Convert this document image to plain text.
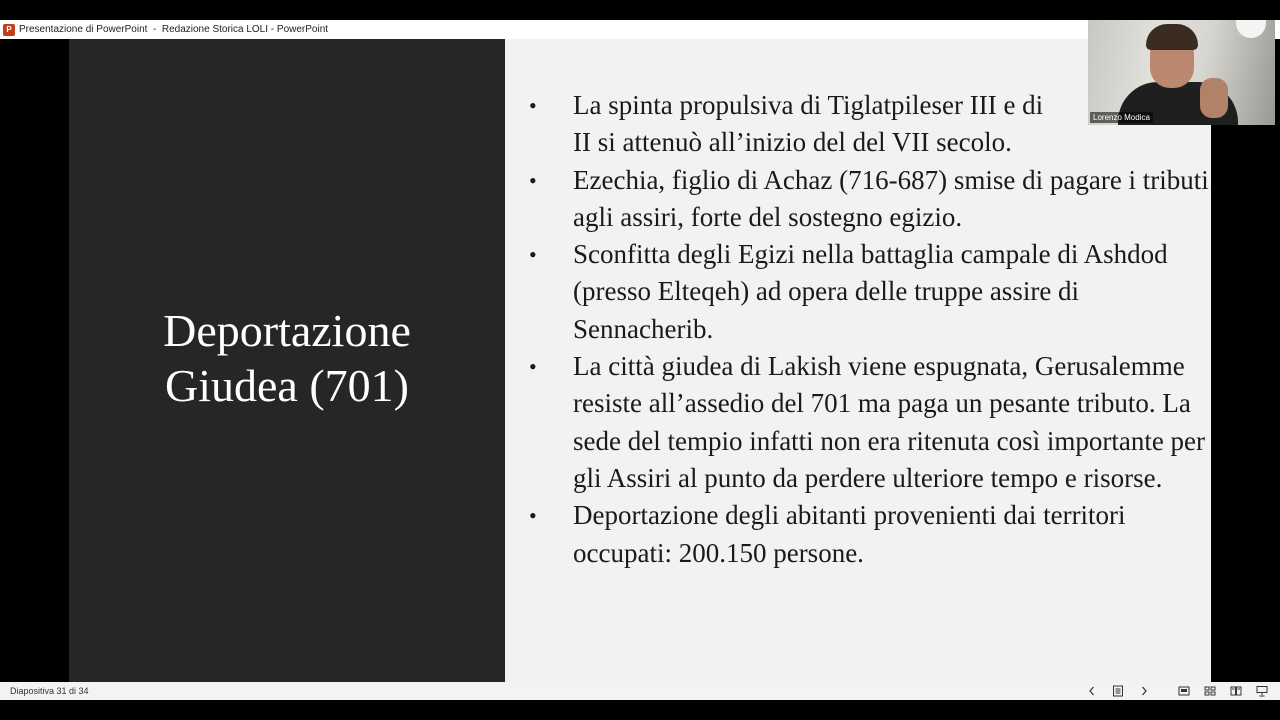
P Presentazione di PowerPoint  -  Redazione Storica LOLI - PowerPoint
Deportazione
Giudea (701)
• La spinta propulsiva di Tiglatpileser III e di
II si attenuò all’inizio del del VII secolo.
• Ezechia, figlio di Achaz (716-687) smise di pagare i tributi agli assiri, forte del sostegno egizio.
• Sconfitta degli Egizi nella battaglia campale di Ashdod (presso Elteqeh) ad opera delle truppe assire di Sennacherib.
• La città giudea di Lakish viene espugnata, Gerusalemme resiste all’assedio del 701 ma paga un pesante tributo. La sede del tempio infatti non era ritenuta così importante per gli Assiri al punto da perdere ulteriore tempo e risorse.
• Deportazione degli abitanti provenienti dai territori occupati: 200.150 persone.
Lorenzo Modica
Diapositiva 31 di 34
